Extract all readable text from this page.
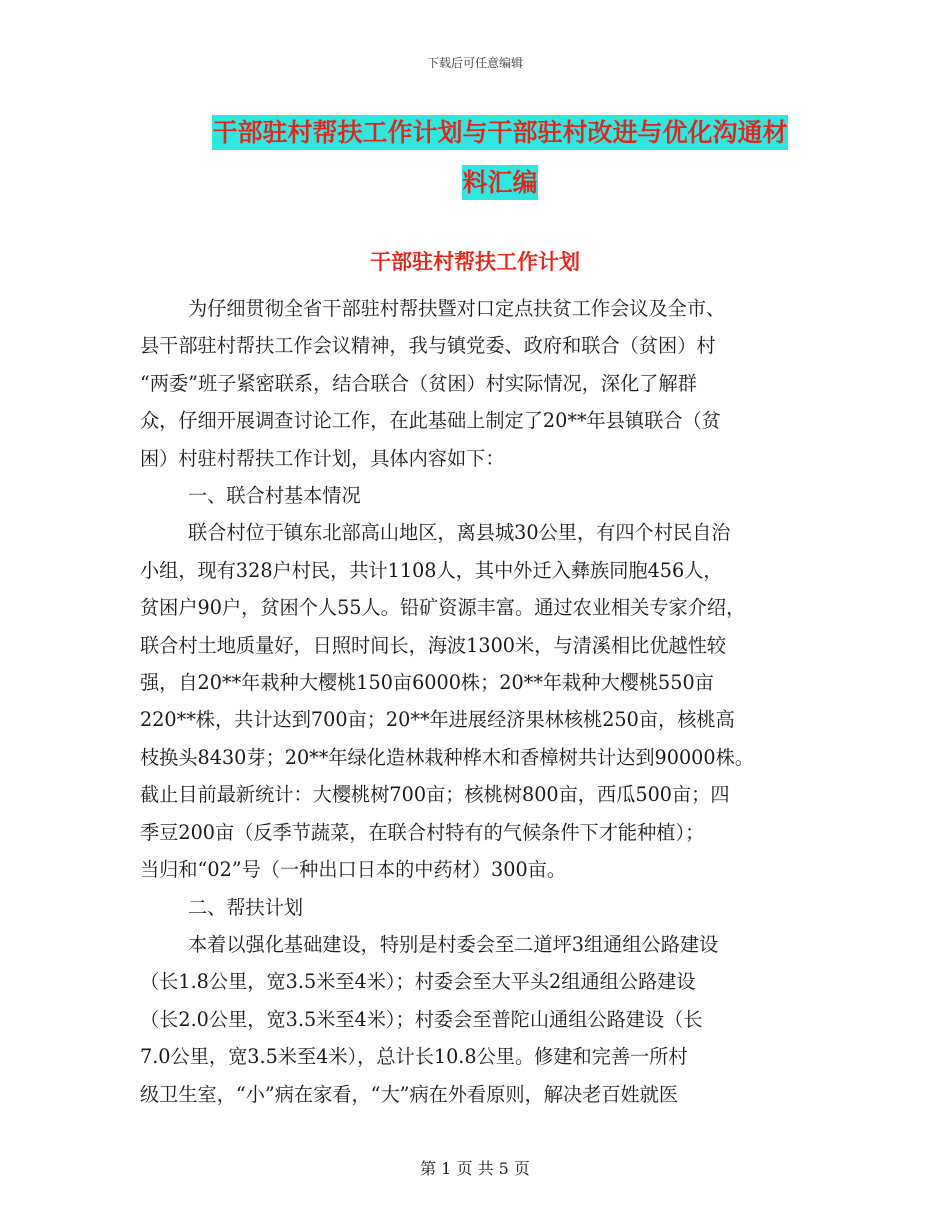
下载后可任意编辑
干部驻村帮扶工作计划与干部驻村改进与优化沟通材
料汇编
干部驻村帮扶工作计划

为仔细贯彻全省干部驻村帮扶暨对口定点扶贫工作会议及全市、
县干部驻村帮扶工作会议精神，我与镇党委、政府和联合（贫困）村
“两委”班子紧密联系，结合联合（贫困）村实际情况，深化了解群
众，仔细开展调查讨论工作，在此基础上制定了20**年县镇联合（贫
困）村驻村帮扶工作计划，具体内容如下：

一、联合村基本情况

联合村位于镇东北部高山地区，离县城30公里，有四个村民自治
小组，现有328户村民，共计1108人，其中外迁入彝族同胞456人，
贫困户90户，贫困个人55人。铅矿资源丰富。通过农业相关专家介绍，
联合村土地质量好，日照时间长，海波1300米，与清溪相比优越性较
强，自20**年栽种大樱桃150亩6000株；20**年栽种大樱桃550亩
220**株，共计达到700亩；20**年进展经济果林核桃250亩，核桃高
枝换头8430芽；20**年绿化造林栽种桦木和香樟树共计达到90000株。
截止目前最新统计：大樱桃树700亩；核桃树800亩，西瓜500亩；四
季豆200亩（反季节蔬菜，在联合村特有的气候条件下才能种植）；
当归和“02”号（一种出口日本的中药材）300亩。

二、帮扶计划

本着以强化基础建设，特别是村委会至二道坪3组通组公路建设
（长1.8公里，宽3.5米至4米）；村委会至大平头2组通组公路建设
（长2.0公里，宽3.5米至4米）；村委会至普陀山通组公路建设（长
7.0公里，宽3.5米至4米），总计长10.8公里。修建和完善一所村
级卫生室，“小”病在家看，“大”病在外看原则，解决老百姓就医

第 1 页 共 5 页
